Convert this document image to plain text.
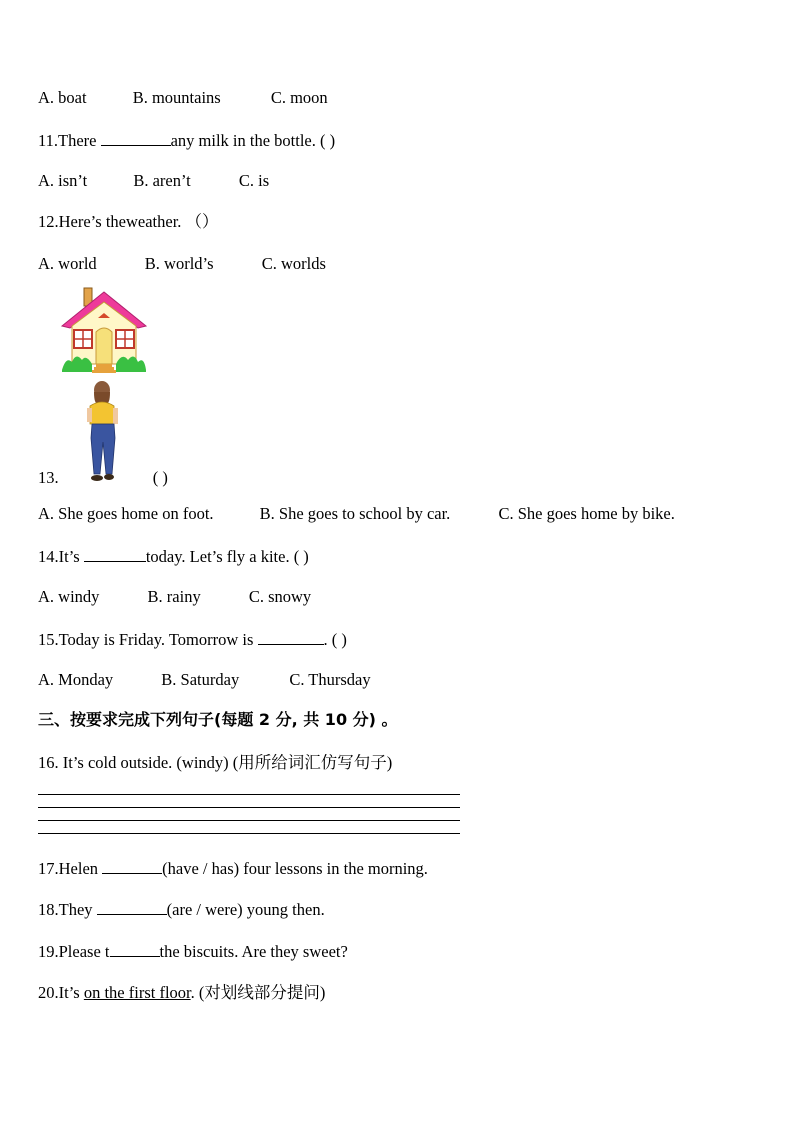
A. boat	B. mountains	C. moon
11.There	any milk in the bottle. ( )
A. isn’t	B. aren’t	C. is
12.Here’s theweather. （）
A. world	B. world’s	C. worlds
13.	( )
A. She goes home on foot.	B. She goes to school by car.	C. She goes home by bike.
14.It’s	today. Let’s fly a kite. ( )
A. windy	B. rainy	C. snowy
15.Today is Friday. Tomorrow is	. ( )
A. Monday	B. Saturday	C. Thursday
三、按要求完成下列句子(每题 2 分, 共 10 分) 。
16. It’s cold outside. (windy) (用所给词汇仿写句子)
17.Helen	(have / has) four lessons in the morning.
18.They	(are / were) young then.
19.Please t	the biscuits. Are they sweet?
20.It’s on the first floor. (对划线部分提问)
